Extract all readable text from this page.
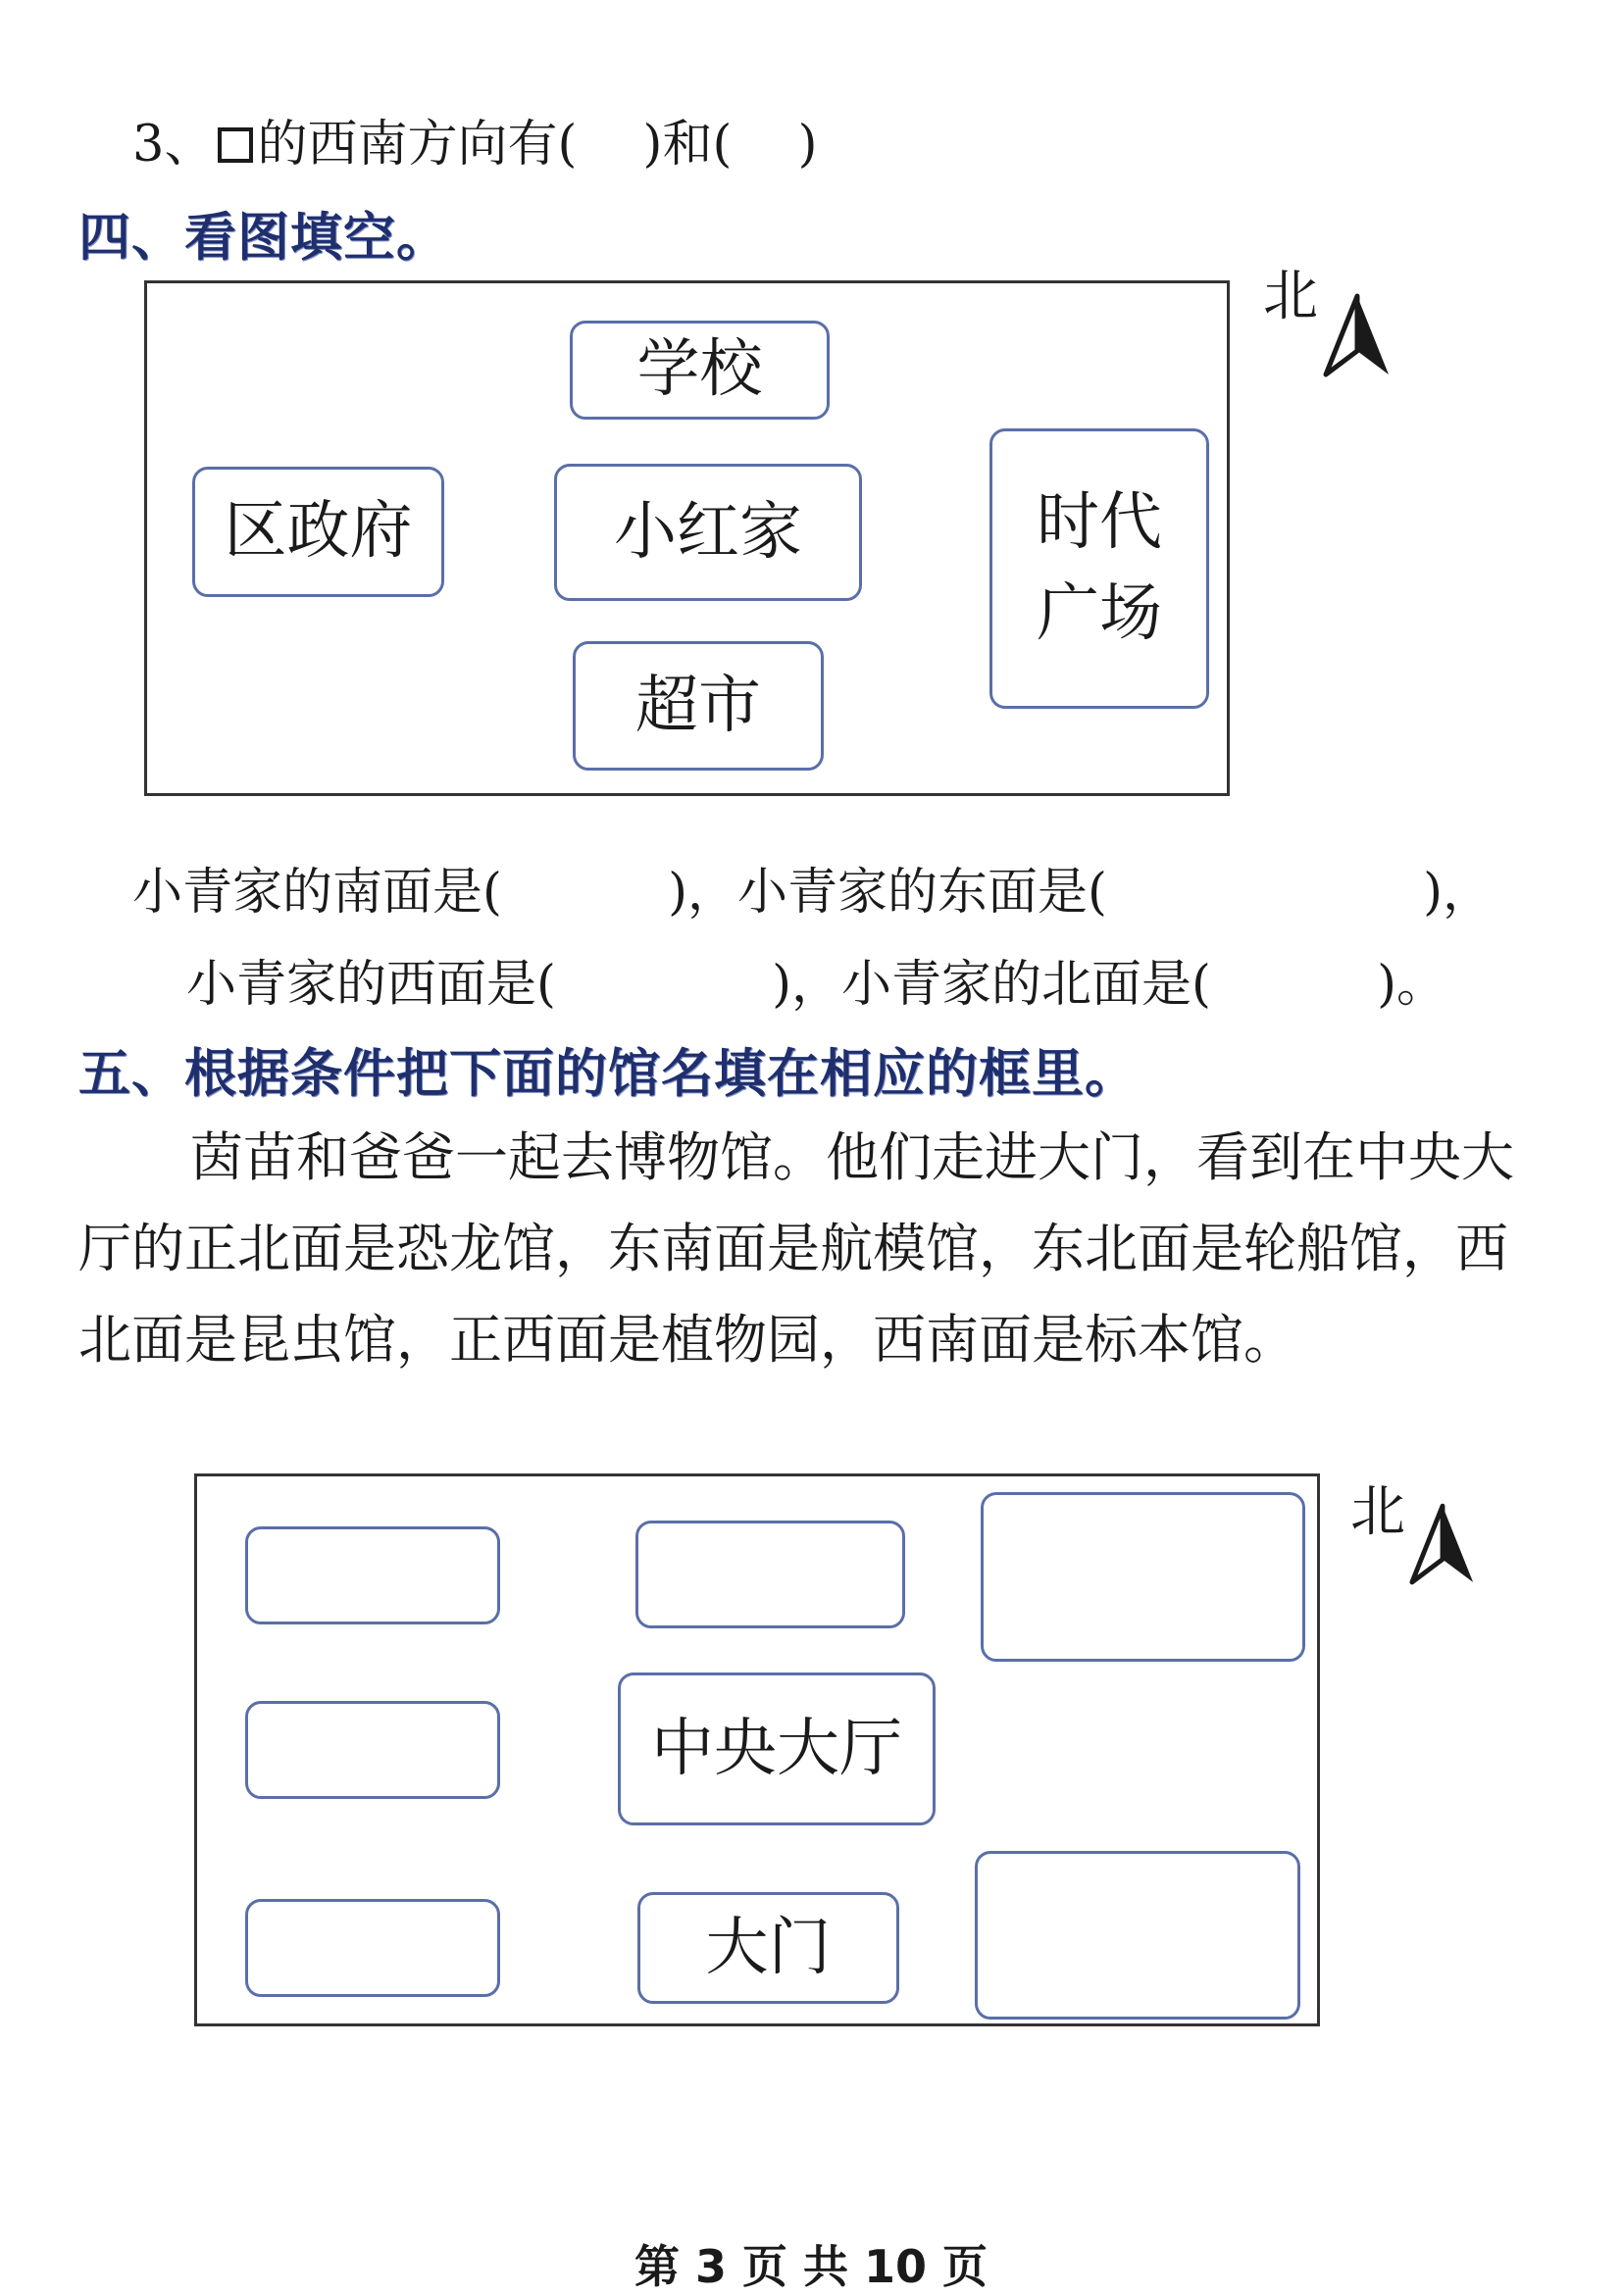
3、 的西南方向有(　 )和(　 )
四、看图填空。
学校
区政府	小红家
超市
时代广场
北
小青家的南面是(　　　 )，小青家的东面是(　　　　　　 )，
小青家的西面是(　　　　 )，小青家的北面是(　　　 )。
五、根据条件把下面的馆名填在相应的框里。
茵苗和爸爸一起去博物馆。他们走进大门，看到在中央大厅的正北面是恐龙馆，东南面是航模馆，东北面是轮船馆，西北面是昆虫馆，正西面是植物园，西南面是标本馆。
中央大厅
大门
北
第 3 页 共 10 页
